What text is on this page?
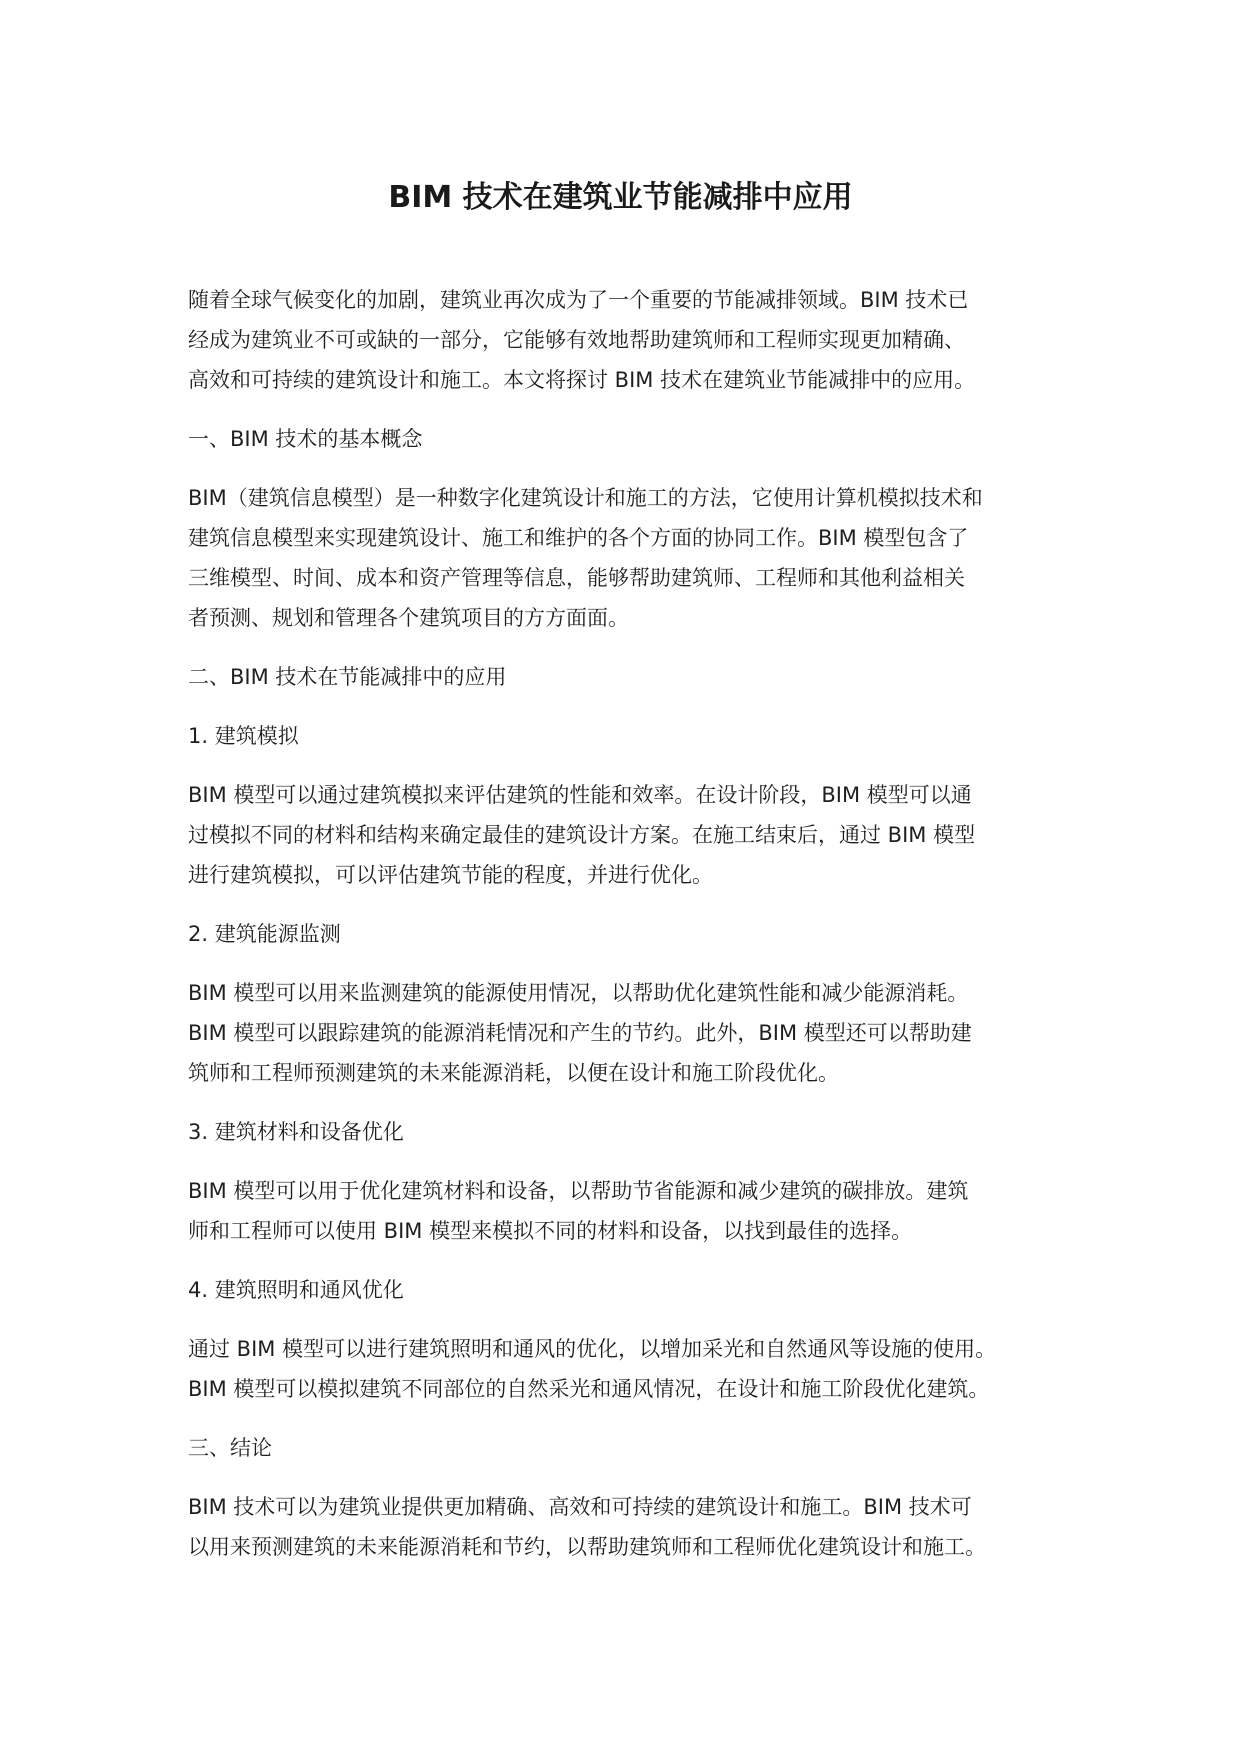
BIM 技术在建筑业节能减排中应用

随着全球气候变化的加剧，建筑业再次成为了一个重要的节能减排领域。BIM 技术已
经成为建筑业不可或缺的一部分，它能够有效地帮助建筑师和工程师实现更加精确、
高效和可持续的建筑设计和施工。本文将探讨 BIM 技术在建筑业节能减排中的应用。

一、BIM 技术的基本概念

BIM（建筑信息模型）是一种数字化建筑设计和施工的方法，它使用计算机模拟技术和
建筑信息模型来实现建筑设计、施工和维护的各个方面的协同工作。BIM 模型包含了
三维模型、时间、成本和资产管理等信息，能够帮助建筑师、工程师和其他利益相关
者预测、规划和管理各个建筑项目的方方面面。

二、BIM 技术在节能减排中的应用

1. 建筑模拟

BIM 模型可以通过建筑模拟来评估建筑的性能和效率。在设计阶段，BIM 模型可以通
过模拟不同的材料和结构来确定最佳的建筑设计方案。在施工结束后，通过 BIM 模型
进行建筑模拟，可以评估建筑节能的程度，并进行优化。

2. 建筑能源监测

BIM 模型可以用来监测建筑的能源使用情况，以帮助优化建筑性能和减少能源消耗。
BIM 模型可以跟踪建筑的能源消耗情况和产生的节约。此外，BIM 模型还可以帮助建
筑师和工程师预测建筑的未来能源消耗，以便在设计和施工阶段优化。

3. 建筑材料和设备优化

BIM 模型可以用于优化建筑材料和设备，以帮助节省能源和减少建筑的碳排放。建筑
师和工程师可以使用 BIM 模型来模拟不同的材料和设备，以找到最佳的选择。

4. 建筑照明和通风优化

通过 BIM 模型可以进行建筑照明和通风的优化，以增加采光和自然通风等设施的使用。
BIM 模型可以模拟建筑不同部位的自然采光和通风情况，在设计和施工阶段优化建筑。

三、结论

BIM 技术可以为建筑业提供更加精确、高效和可持续的建筑设计和施工。BIM 技术可
以用来预测建筑的未来能源消耗和节约，以帮助建筑师和工程师优化建筑设计和施工。
